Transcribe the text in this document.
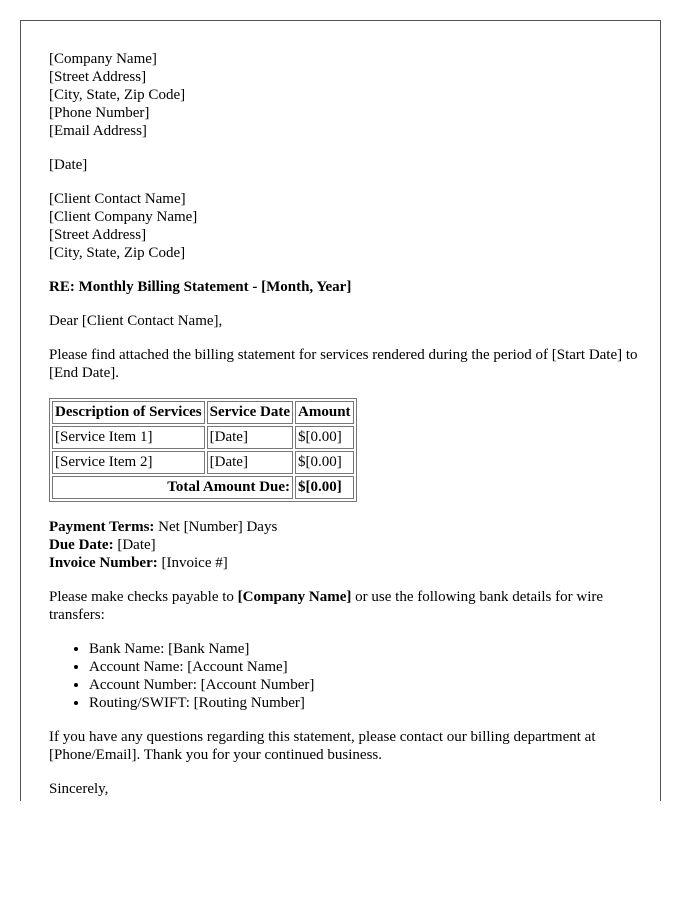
[Company Name]
[Street Address]
[City, State, Zip Code]
[Phone Number]
[Email Address]

[Date]

[Client Contact Name]
[Client Company Name]
[Street Address]
[City, State, Zip Code]

RE: Monthly Billing Statement - [Month, Year]

Dear [Client Contact Name],

Please find attached the billing statement for services rendered during the period of [Start Date] to [End Date].

Description of Services	Service Date	Amount
[Service Item 1]	[Date]	$[0.00]
[Service Item 2]	[Date]	$[0.00]
Total Amount Due:		$[0.00]
Payment Terms: Net [Number] Days
Due Date: [Date]
Invoice Number: [Invoice #]

Please make checks payable to [Company Name] or use the following bank details for wire transfers:

• Bank Name: [Bank Name]
• Account Name: [Account Name]
• Account Number: [Account Number]
• Routing/SWIFT: [Routing Number]

If you have any questions regarding this statement, please contact our billing department at [Phone/Email]. Thank you for your continued business.

Sincerely,
